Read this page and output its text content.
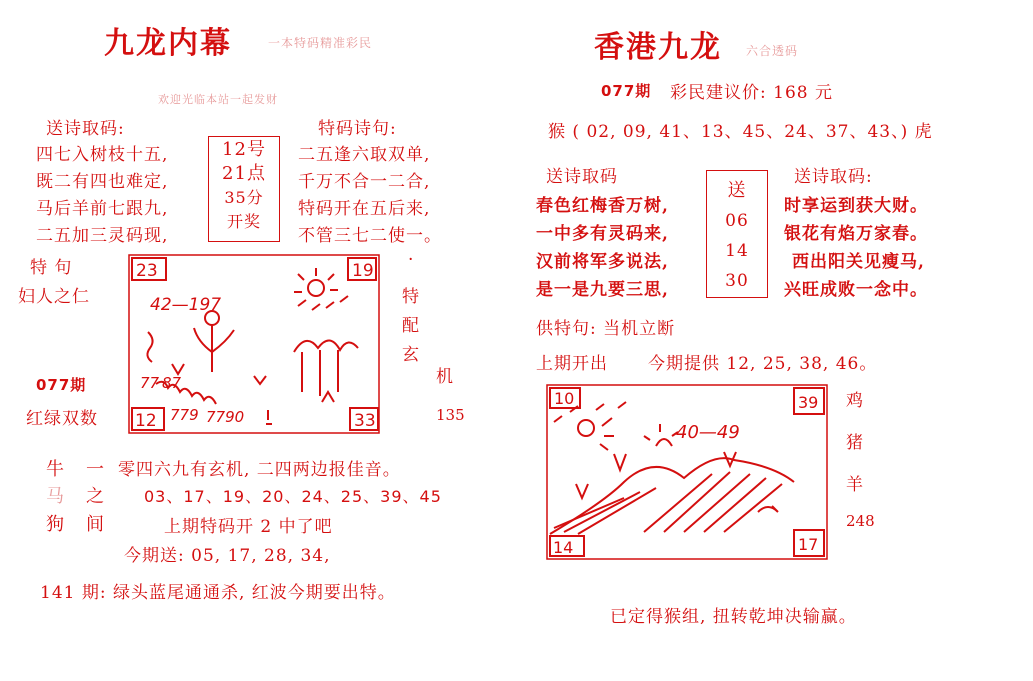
九龙内幕	一本特码精准彩民
欢迎光临本站一起发财
送诗取码:	特码诗句:
四七入树枝十五,
既二有四也难定,
马后羊前七跟九,
二五加三灵码现,
12号
21点
35分
开奖
二五逢六取双单,
千万不合一二合,
特码开在五后来,
不管三七二使一。
特 句
妇人之仁
077期
红绿双数
·
特
配
玄
机
135
23	19
12	33
42—197
77 87
779 7790
牛
马
狗
一
之
间
零四六九有玄机, 二四两边报佳音。
03、17、19、20、24、25、39、45
上期特码开 2 中了吧
今期送: 05, 17, 28, 34,
141 期: 绿头蓝尾通通杀, 红波今期要出特。
香港九龙 六合透码
077期 彩民建议价: 168 元
猴 ( 02, 09, 41、13、45、24、37、43、) 虎
送诗取码	送诗取码:
春色红梅香万树,
一中多有灵码来,
汉前将军多说法,
是一是九要三思,
送
06
14
30
时享运到获大财。
银花有焰万家春。
西出阳关见瘦马,
兴旺成败一念中。
供特句: 当机立断
上期开出 今期提供 12, 25, 38, 46。
10	39
14	17
40—49
鸡
猪
羊
248
已定得猴组, 扭转乾坤决输赢。
